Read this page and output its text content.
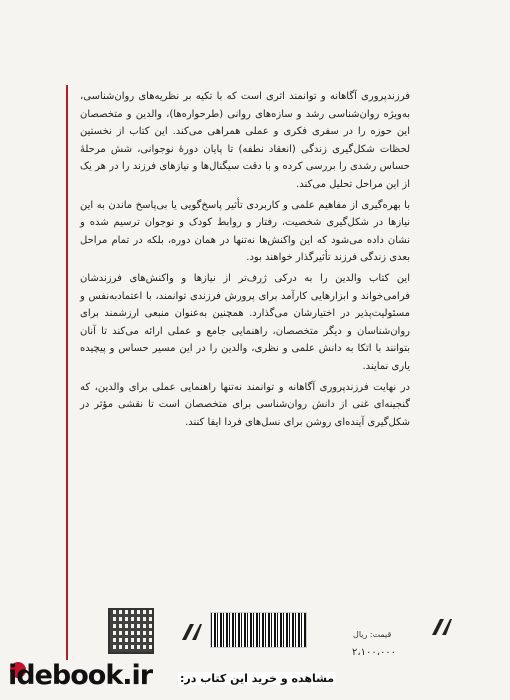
فرزندپروری آگاهانه و توانمند اثری است که با تکیه بر نظریه‌های روان‌شناسی، به‌ویژه روان‌شناسی رشد و سازه‌های روانی (طرحواره‌ها)، والدین و متخصصان این حوزه را در سفری فکری و عملی همراهی می‌کند. این کتاب از نخستین لحظات شکل‌گیری زندگی (انعقاد نطفه) تا پایان دورهٔ نوجوانی، شش مرحلهٔ حساس رشدی را بررسی کرده و با دقت سیگنال‌ها و نیازهای فرزند را در هر یک از این مراحل تحلیل می‌کند.

با بهره‌گیری از مفاهیم علمی و کاربردی تأثیر پاسخ‌گویی یا بی‌پاسخ ماندن به این نیازها در شکل‌گیری شخصیت، رفتار و روابط کودک و نوجوان ترسیم شده و نشان داده می‌شود که این واکنش‌ها نه‌تنها در همان دوره، بلکه در تمام مراحل بعدی زندگی فرزند تأثیرگذار خواهند بود.

این کتاب والدین را به درکی ژرف‌تر از نیازها و واکنش‌های فرزندشان فرامی‌خواند و ابزارهایی کارآمد برای پرورش فرزندی توانمند، با اعتمادبه‌نفس و مسئولیت‌پذیر در اختیارشان می‌گذارد. همچنین به‌عنوان منبعی ارزشمند برای روان‌شناسان و دیگر متخصصان، راهنمایی جامع و عملی ارائه می‌کند تا آنان بتوانند با اتکا به دانش علمی و نظری، والدین را در این مسیر حساس و پیچیده یاری نمایند.

در نهایت فرزندپروری آگاهانه و توانمند نه‌تنها راهنمایی عملی برای والدین، که گنجینه‌ای غنی از دانش روان‌شناسی برای متخصصان است تا نقشی مؤثر در شکل‌گیری آینده‌ای روشن برای نسل‌های فردا ایفا کنند.

قیمت: ریال
۲،۱۰۰،۰۰۰
idebook.ir	مشاهده و خرید این کتاب در:
